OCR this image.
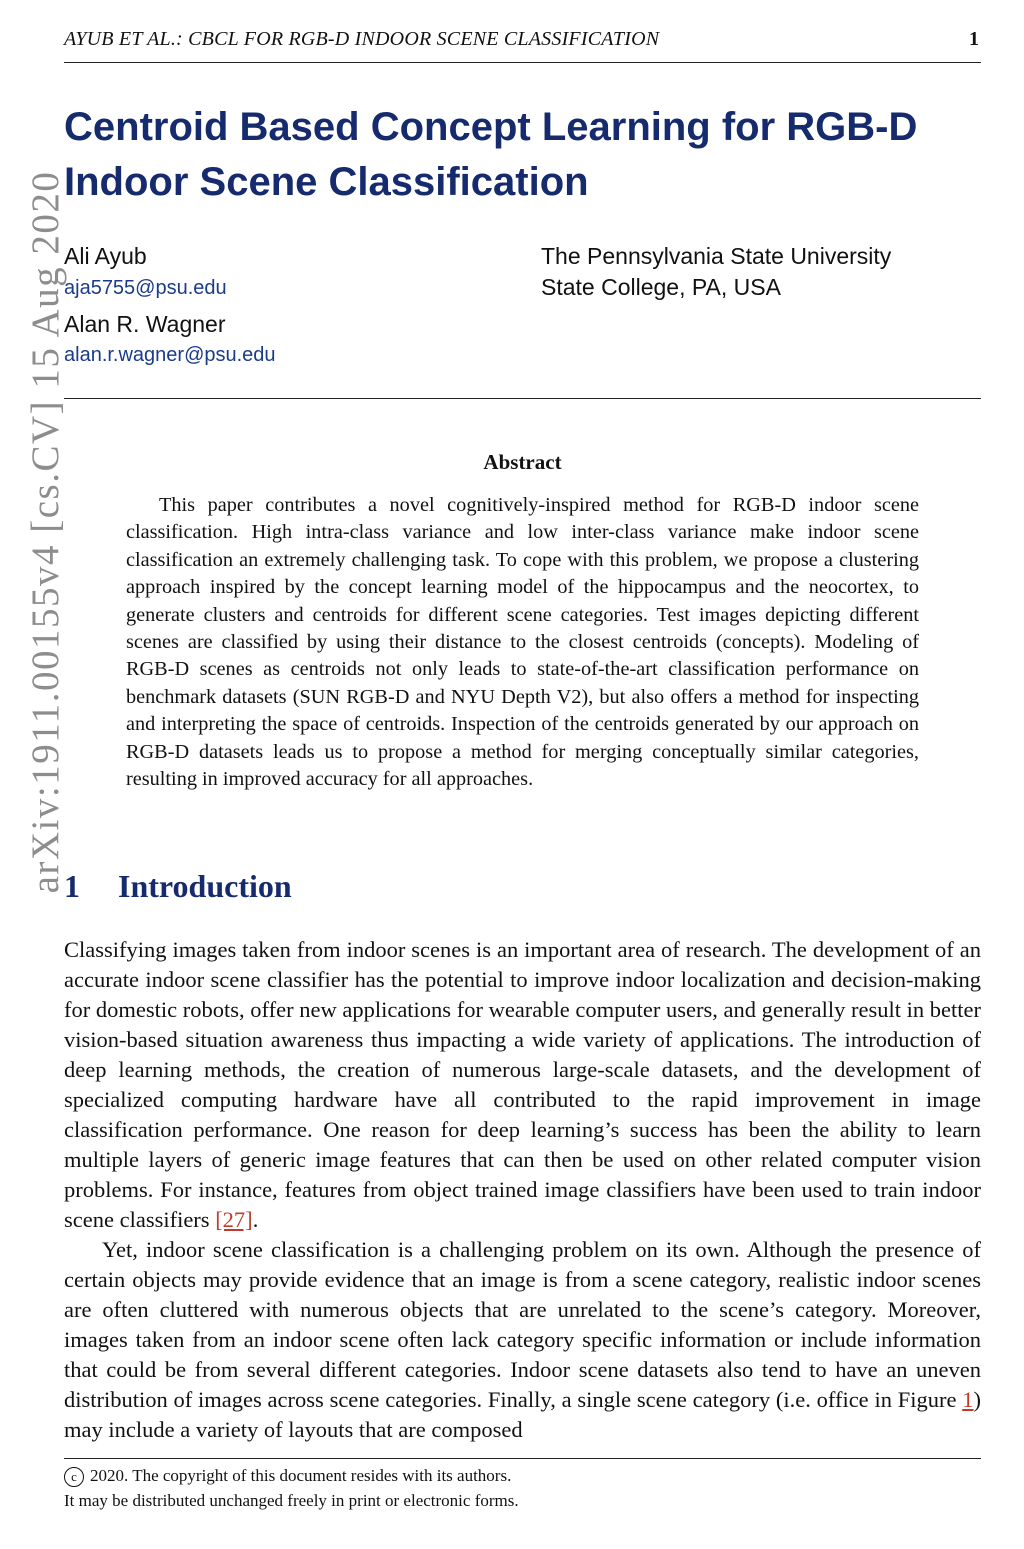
AYUB ET AL.: CBCL FOR RGB-D INDOOR SCENE CLASSIFICATION	1
arXiv:1911.00155v4 [cs.CV] 15 Aug 2020
Centroid Based Concept Learning for RGB-D Indoor Scene Classification
Ali Ayub
aja5755@psu.edu
Alan R. Wagner
alan.r.wagner@psu.edu
The Pennsylvania State University
State College, PA, USA
Abstract

This paper contributes a novel cognitively-inspired method for RGB-D indoor scene classification. High intra-class variance and low inter-class variance make indoor scene classification an extremely challenging task. To cope with this problem, we propose a clustering approach inspired by the concept learning model of the hippocampus and the neocortex, to generate clusters and centroids for different scene categories. Test images depicting different scenes are classified by using their distance to the closest centroids (concepts). Modeling of RGB-D scenes as centroids not only leads to state-of-the-art classification performance on benchmark datasets (SUN RGB-D and NYU Depth V2), but also offers a method for inspecting and interpreting the space of centroids. Inspection of the centroids generated by our approach on RGB-D datasets leads us to propose a method for merging conceptually similar categories, resulting in improved accuracy for all approaches.

1 Introduction

Classifying images taken from indoor scenes is an important area of research. The development of an accurate indoor scene classifier has the potential to improve indoor localization and decision-making for domestic robots, offer new applications for wearable computer users, and generally result in better vision-based situation awareness thus impacting a wide variety of applications. The introduction of deep learning methods, the creation of numerous large-scale datasets, and the development of specialized computing hardware have all contributed to the rapid improvement in image classification performance. One reason for deep learning’s success has been the ability to learn multiple layers of generic image features that can then be used on other related computer vision problems. For instance, features from object trained image classifiers have been used to train indoor scene classifiers [27].

Yet, indoor scene classification is a challenging problem on its own. Although the presence of certain objects may provide evidence that an image is from a scene category, realistic indoor scenes are often cluttered with numerous objects that are unrelated to the scene’s category. Moreover, images taken from an indoor scene often lack category specific information or include information that could be from several different categories. Indoor scene datasets also tend to have an uneven distribution of images across scene categories. Finally, a single scene category (i.e. office in Figure 1) may include a variety of layouts that are composed

c 2020. The copyright of this document resides with its authors.
It may be distributed unchanged freely in print or electronic forms.
